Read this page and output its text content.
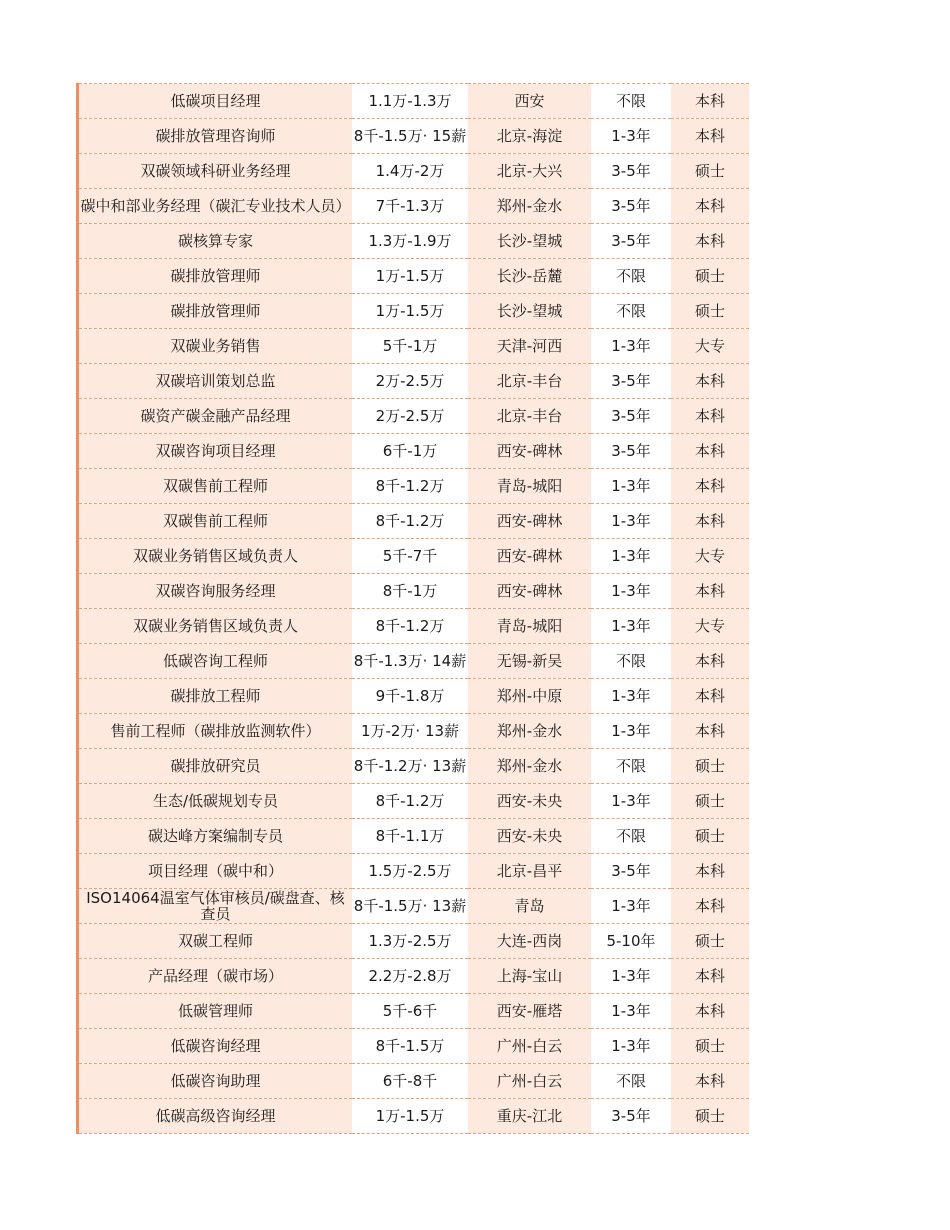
低碳项目经理	1.1万-1.3万	西安	不限	本科
碳排放管理咨询师	8千-1.5万· 15薪	北京-海淀	1-3年	本科
双碳领域科研业务经理	1.4万-2万	北京-大兴	3-5年	硕士
碳中和部业务经理（碳汇专业技术人员）	7千-1.3万	郑州-金水	3-5年	本科
碳核算专家	1.3万-1.9万	长沙-望城	3-5年	本科
碳排放管理师	1万-1.5万	长沙-岳麓	不限	硕士
碳排放管理师	1万-1.5万	长沙-望城	不限	硕士
双碳业务销售	5千-1万	天津-河西	1-3年	大专
双碳培训策划总监	2万-2.5万	北京-丰台	3-5年	本科
碳资产碳金融产品经理	2万-2.5万	北京-丰台	3-5年	本科
双碳咨询项目经理	6千-1万	西安-碑林	3-5年	本科
双碳售前工程师	8千-1.2万	青岛-城阳	1-3年	本科
双碳售前工程师	8千-1.2万	西安-碑林	1-3年	本科
双碳业务销售区域负责人	5千-7千	西安-碑林	1-3年	大专
双碳咨询服务经理	8千-1万	西安-碑林	1-3年	本科
双碳业务销售区域负责人	8千-1.2万	青岛-城阳	1-3年	大专
低碳咨询工程师	8千-1.3万· 14薪	无锡-新吴	不限	本科
碳排放工程师	9千-1.8万	郑州-中原	1-3年	本科
售前工程师（碳排放监测软件）	1万-2万· 13薪	郑州-金水	1-3年	本科
碳排放研究员	8千-1.2万· 13薪	郑州-金水	不限	硕士
生态/低碳规划专员	8千-1.2万	西安-未央	1-3年	硕士
碳达峰方案编制专员	8千-1.1万	西安-未央	不限	硕士
项目经理（碳中和）	1.5万-2.5万	北京-昌平	3-5年	本科
ISO14064温室气体审核员/碳盘查、核查员	8千-1.5万· 13薪	青岛	1-3年	本科
双碳工程师	1.3万-2.5万	大连-西岗	5-10年	硕士
产品经理（碳市场）	2.2万-2.8万	上海-宝山	1-3年	本科
低碳管理师	5千-6千	西安-雁塔	1-3年	本科
低碳咨询经理	8千-1.5万	广州-白云	1-3年	硕士
低碳咨询助理	6千-8千	广州-白云	不限	本科
低碳高级咨询经理	1万-1.5万	重庆-江北	3-5年	硕士
